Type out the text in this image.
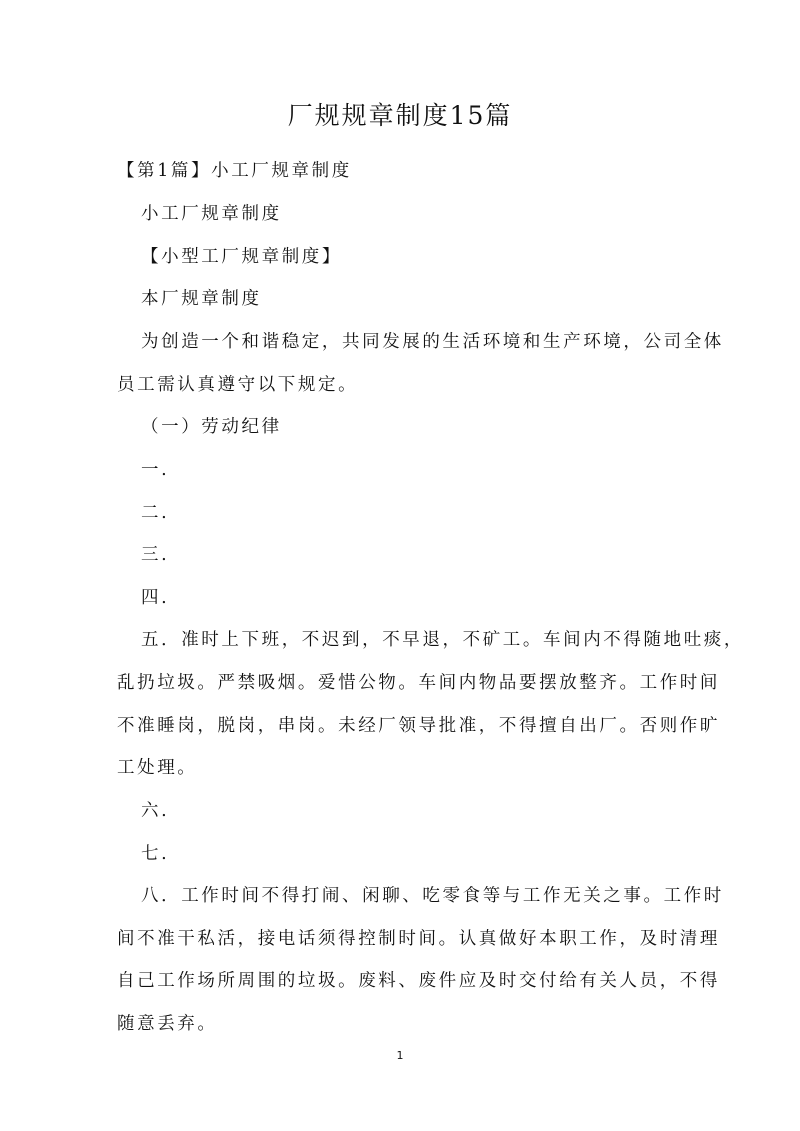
厂规规章制度15篇
【第1篇】小工厂规章制度
小工厂规章制度
【小型工厂规章制度】
本厂规章制度
为创造一个和谐稳定，共同发展的生活环境和生产环境，公司全体
员工需认真遵守以下规定。
（一）劳动纪律
一.
二.
三.
四.
五．准时上下班，不迟到，不早退，不矿工。车间内不得随地吐痰，
乱扔垃圾。严禁吸烟。爱惜公物。车间内物品要摆放整齐。工作时间
不准睡岗，脱岗，串岗。未经厂领导批准，不得擅自出厂。否则作旷
工处理。
六.
七.
八．工作时间不得打闹、闲聊、吃零食等与工作无关之事。工作时
间不准干私活，接电话须得控制时间。认真做好本职工作，及时清理
自己工作场所周围的垃圾。废料、废件应及时交付给有关人员，不得
随意丢弃。
1
